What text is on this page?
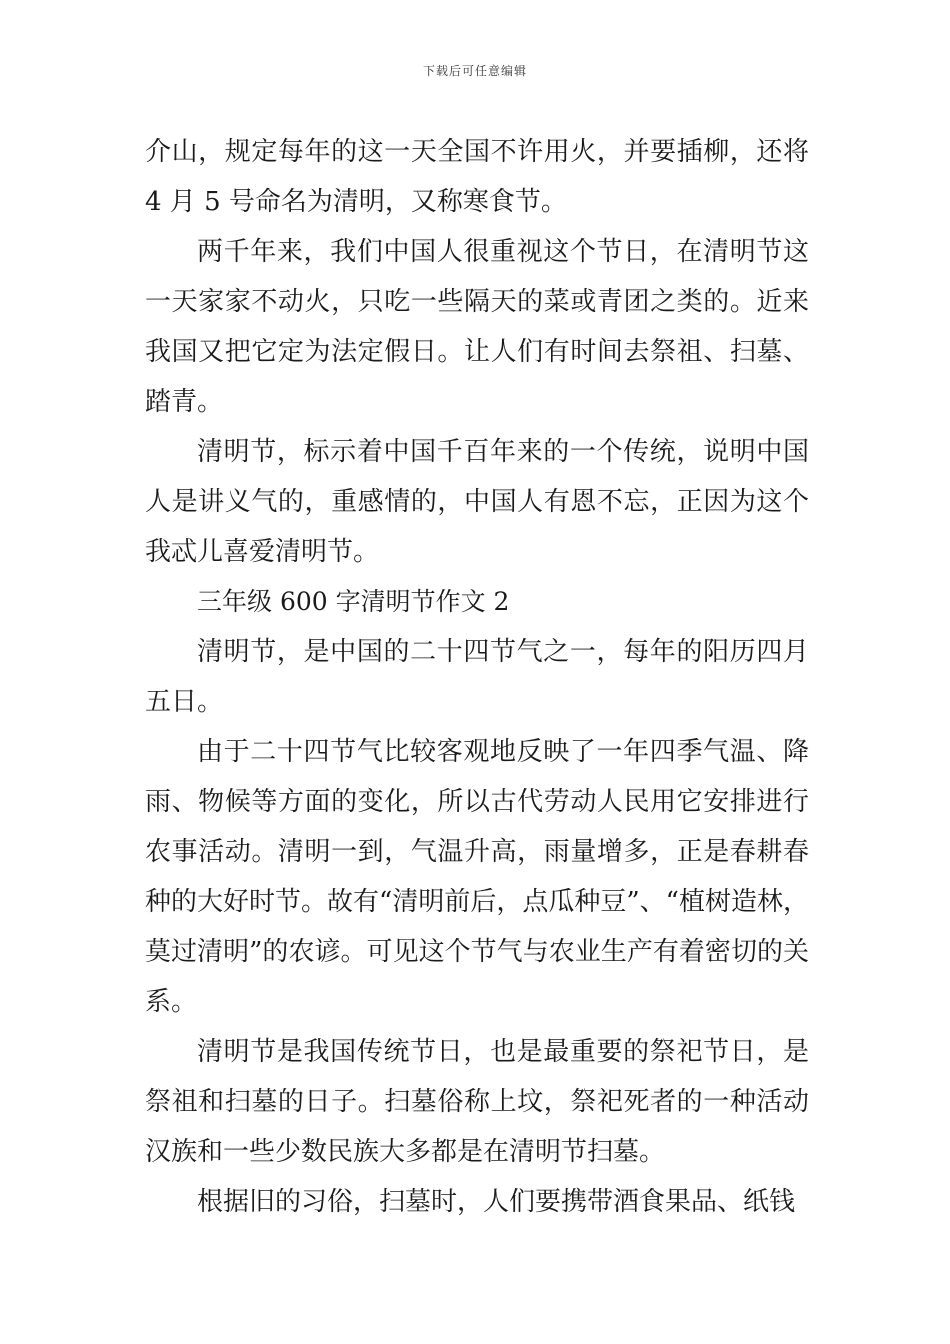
下载后可任意编辑

介山，规定每年的这一天全国不许用火，并要插柳，还将 4 月 5 号命名为清明，又称寒食节。

两千年来，我们中国人很重视这个节日，在清明节这一天家家不动火，只吃一些隔天的菜或青团之类的。近来我国又把它定为法定假日。让人们有时间去祭祖、扫墓、踏青。

清明节，标示着中国千百年来的一个传统，说明中国人是讲义气的，重感情的，中国人有恩不忘，正因为这个我忒儿喜爱清明节。

三年级 600 字清明节作文 2

清明节，是中国的二十四节气之一，每年的阳历四月五日。

由于二十四节气比较客观地反映了一年四季气温、降雨、物候等方面的变化，所以古代劳动人民用它安排进行农事活动。清明一到，气温升高，雨量增多，正是春耕春种的大好时节。故有“清明前后，点瓜种豆”、“植树造林，莫过清明”的农谚。可见这个节气与农业生产有着密切的关系。

清明节是我国传统节日，也是最重要的祭祀节日，是祭祖和扫墓的日子。扫墓俗称上坟，祭祀死者的一种活动汉族和一些少数民族大多都是在清明节扫墓。

根据旧的习俗，扫墓时，人们要携带酒食果品、纸钱
